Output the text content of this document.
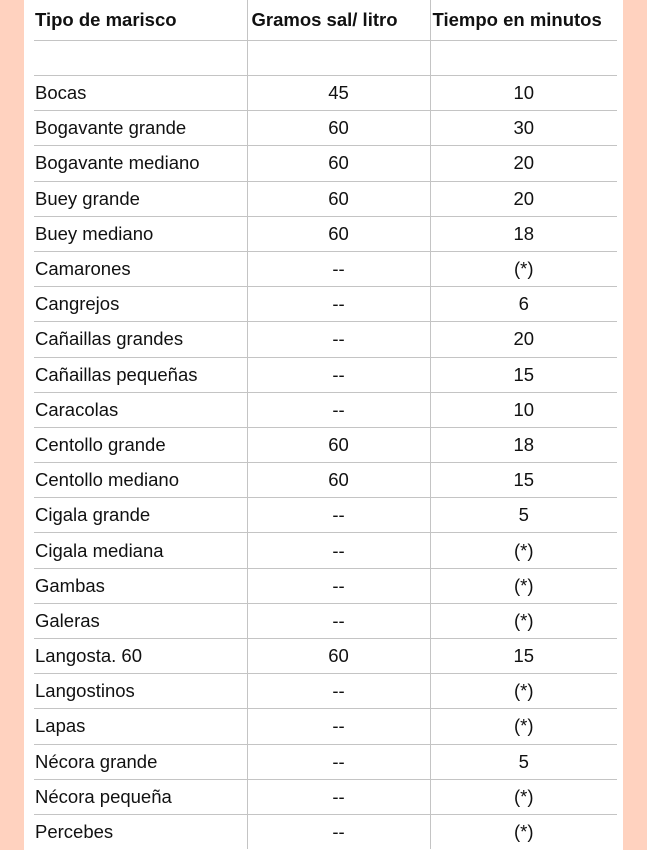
Tipo de marisco	Gramos sal/ litro	Tiempo en minutos

Bocas	45	10
Bogavante grande	60	30
Bogavante mediano	60	20
Buey grande	60	20
Buey mediano	60	18
Camarones	--	(*)
Cangrejos	--	6
Cañaillas grandes	--	20
Cañaillas pequeñas	--	15
Caracolas	--	10
Centollo grande	60	18
Centollo mediano	60	15
Cigala grande	--	5
Cigala mediana	--	(*)
Gambas	--	(*)
Galeras	--	(*)
Langosta. 60	60	15
Langostinos	--	(*)
Lapas	--	(*)
Nécora grande	--	5
Nécora pequeña	--	(*)
Percebes	--	(*)
